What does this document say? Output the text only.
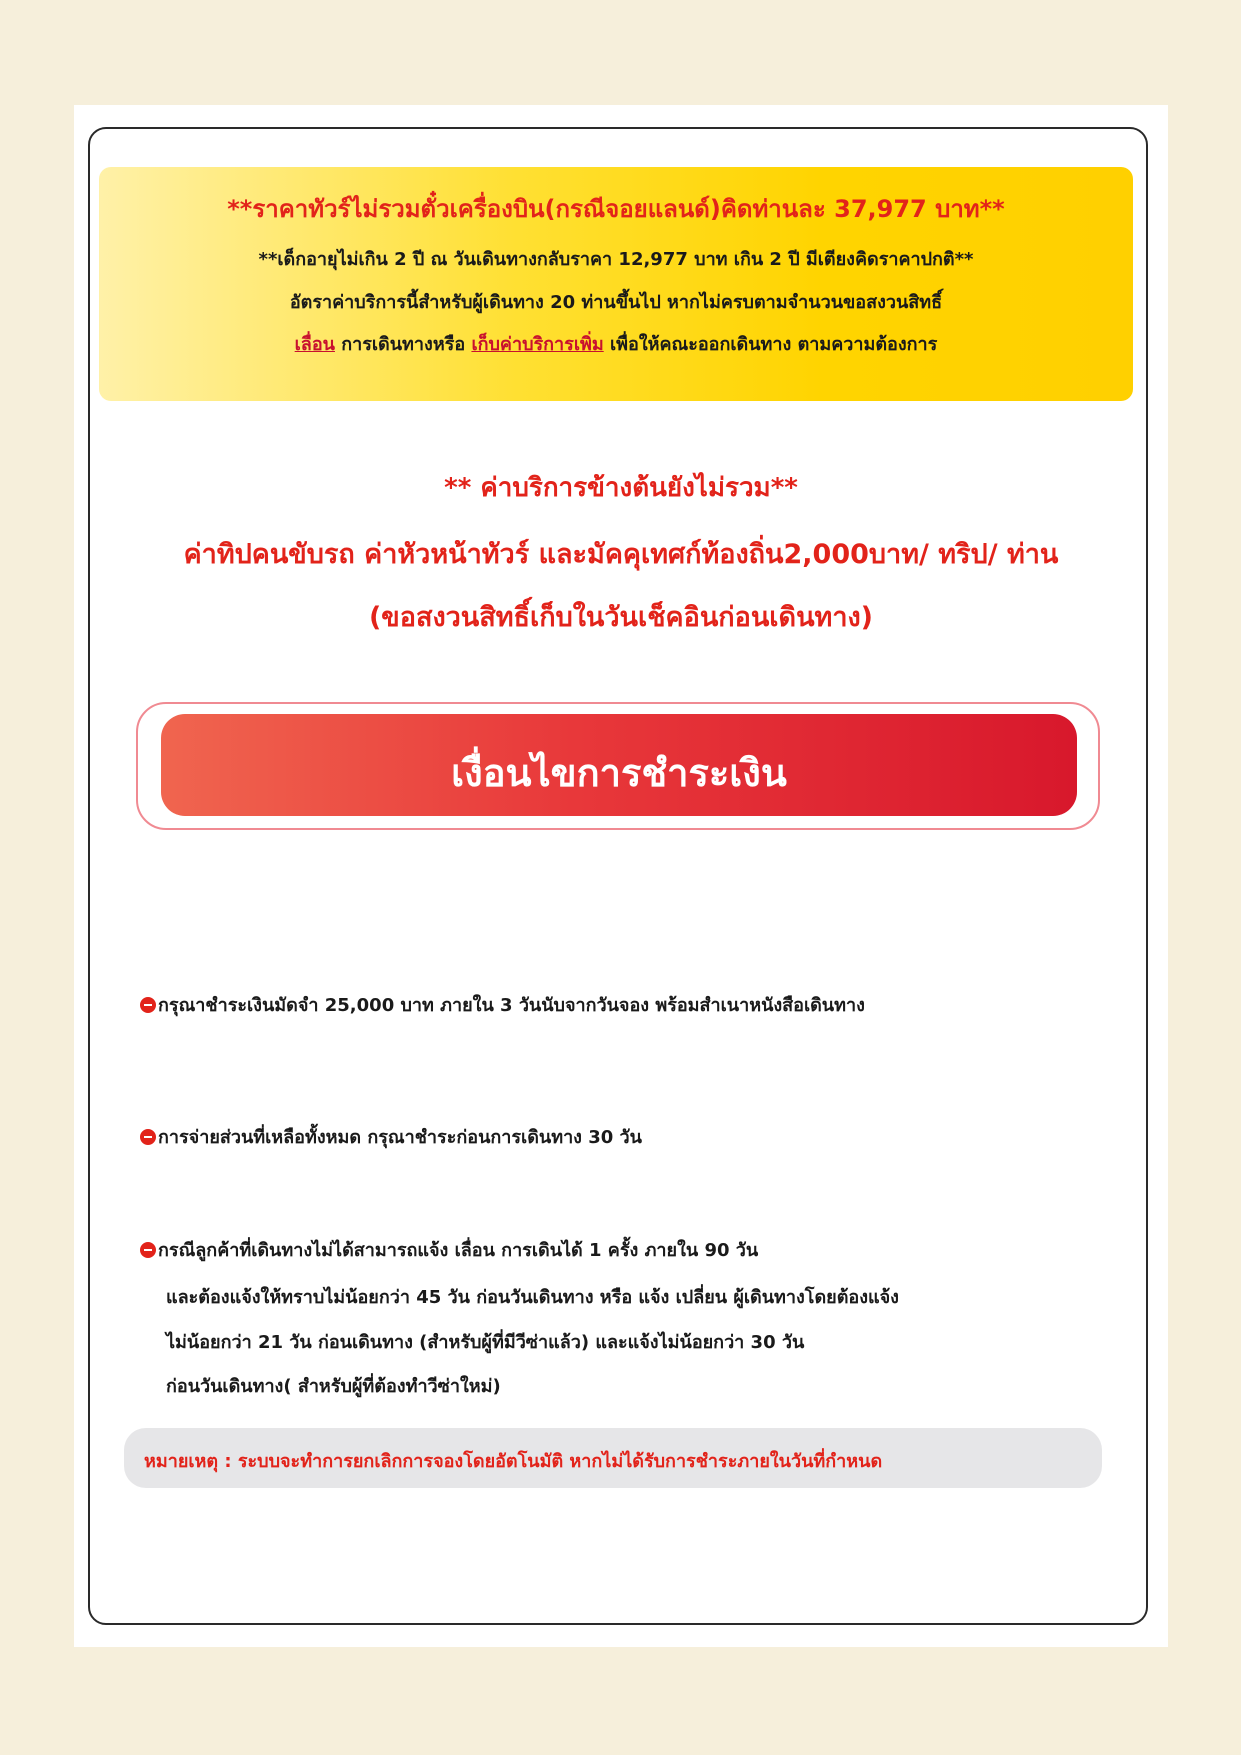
**ราคาทัวร์ไม่รวมตั๋วเครื่องบิน(กรณีจอยแลนด์)คิดท่านละ 37,977 บาท**
**เด็กอายุไม่เกิน 2 ปี ณ วันเดินทางกลับราคา 12,977 บาท เกิน 2 ปี มีเตียงคิดราคาปกติ**
อัตราค่าบริการนี้สำหรับผู้เดินทาง 20 ท่านขึ้นไป หากไม่ครบตามจำนวนขอสงวนสิทธิ์
เลื่อน การเดินทางหรือ เก็บค่าบริการเพิ่ม เพื่อให้คณะออกเดินทาง ตามความต้องการ
** ค่าบริการข้างต้นยังไม่รวม**
ค่าทิปคนขับรถ ค่าหัวหน้าทัวร์ และมัคคุเทศก์ท้องถิ่น2,000บาท/ ทริป/ ท่าน
(ขอสงวนสิทธิ์เก็บในวันเช็คอินก่อนเดินทาง)
เงื่อนไขการชำระเงิน
กรุณาชำระเงินมัดจำ 25,000 บาท ภายใน 3 วันนับจากวันจอง พร้อมสำเนาหนังสือเดินทาง
การจ่ายส่วนที่เหลือทั้งหมด กรุณาชำระก่อนการเดินทาง 30 วัน
กรณีลูกค้าที่เดินทางไม่ได้สามารถแจ้ง เลื่อน การเดินได้ 1 ครั้ง ภายใน 90 วัน
และต้องแจ้งให้ทราบไม่น้อยกว่า 45 วัน ก่อนวันเดินทาง หรือ แจ้ง เปลี่ยน ผู้เดินทางโดยต้องแจ้ง
ไม่น้อยกว่า 21 วัน ก่อนเดินทาง (สำหรับผู้ที่มีวีซ่าแล้ว) และแจ้งไม่น้อยกว่า 30 วัน
ก่อนวันเดินทาง( สำหรับผู้ที่ต้องทำวีซ่าใหม่)
หมายเหตุ : ระบบจะทำการยกเลิกการจองโดยอัตโนมัติ หากไม่ได้รับการชำระภายในวันที่กำหนด
